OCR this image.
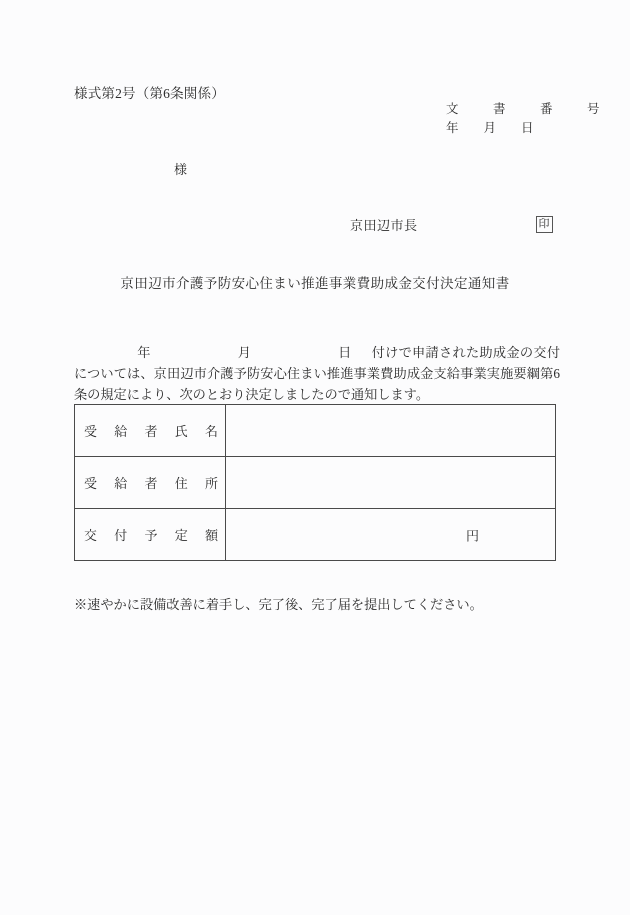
様式第2号（第6条関係）
文　書　番　号
年　　月　　日
様
京田辺市長	印
京田辺市介護予防安心住まい推進事業費助成金交付決定通知書

年　　月　　日付けで申請された助成金の交付については、京田辺市介護予防安心住まい推進事業費助成金支給事業実施要綱第6条の規定により、次のとおり決定しましたので通知します。

受 給 者 氏 名	

受 給 者 住 所	

交 付 予 定 額	円
※速やかに設備改善に着手し、完了後、完了届を提出してください。
